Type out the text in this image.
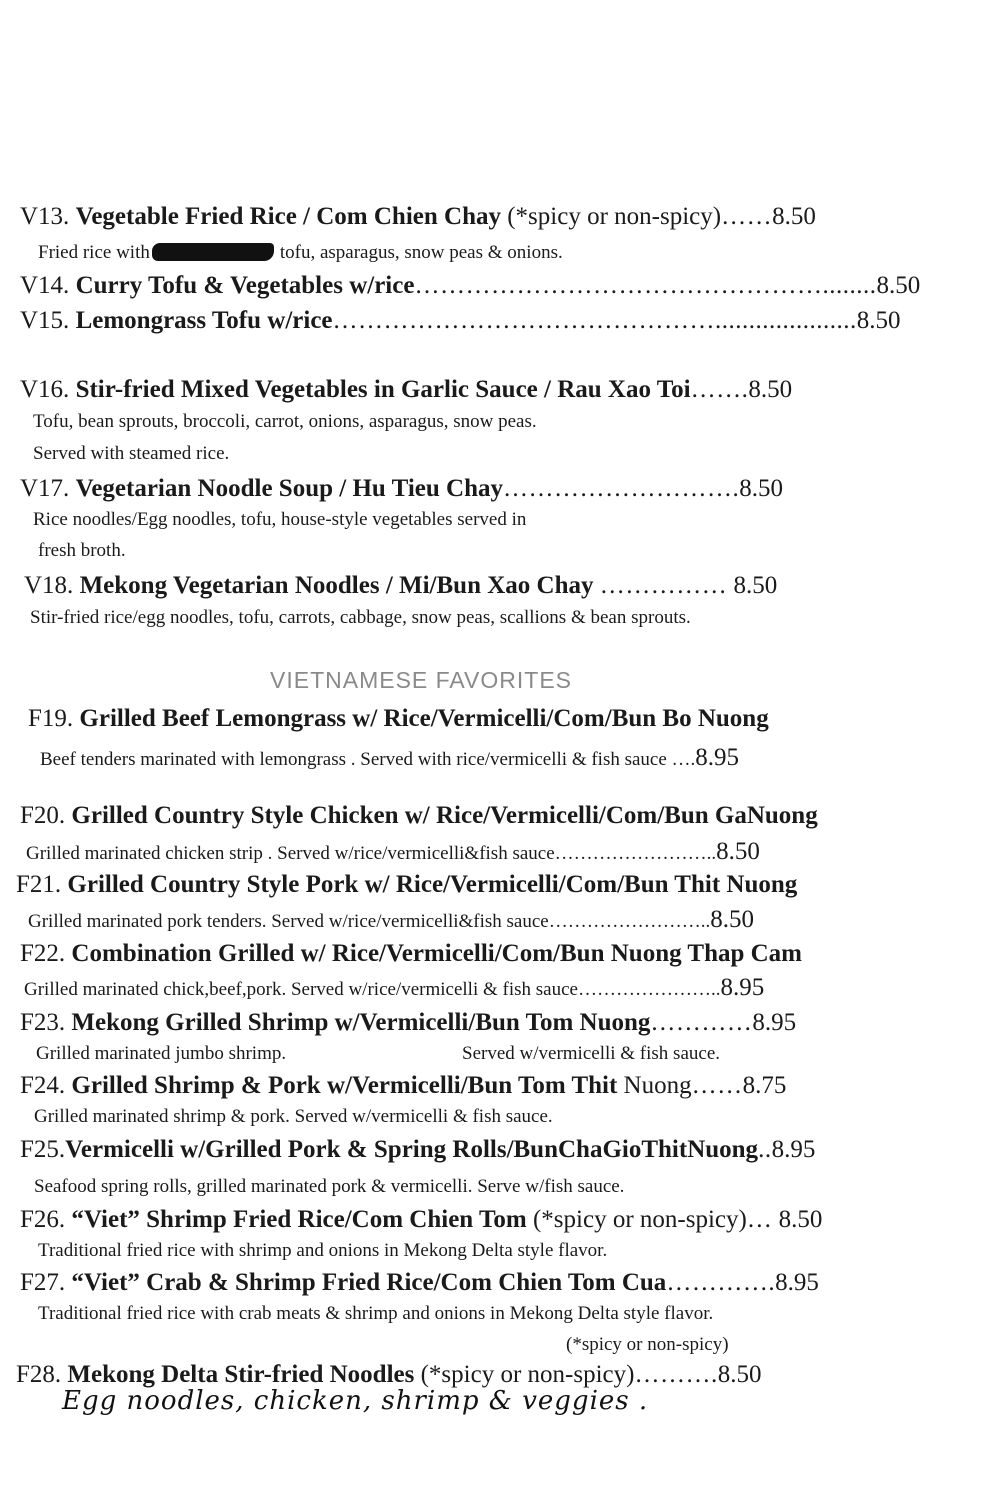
V13. Vegetable Fried Rice / Com Chien Chay (*spicy or non-spicy)……8.50
Fried rice with	tofu, asparagus, snow peas & onions.
V14. Curry Tofu & Vegetables w/rice…………………………………………........8.50
V15. Lemongrass Tofu w/rice……………………………………….....................8.50
V16. Stir-fried Mixed Vegetables in Garlic Sauce / Rau Xao Toi…….8.50
Tofu, bean sprouts, broccoli, carrot, onions, asparagus, snow peas.
Served with steamed rice.
V17. Vegetarian Noodle Soup / Hu Tieu Chay……………………….8.50
Rice noodles/Egg noodles, tofu, house-style vegetables served in
fresh broth.
V18. Mekong Vegetarian Noodles / Mi/Bun Xao Chay …………… 8.50
Stir-fried rice/egg noodles, tofu, carrots, cabbage, snow peas, scallions & bean sprouts.
VIETNAMESE FAVORITES
F19. Grilled Beef Lemongrass w/ Rice/Vermicelli/Com/Bun Bo Nuong
Beef tenders marinated with lemongrass . Served with rice/vermicelli & fish sauce ….8.95
F20. Grilled Country Style Chicken w/ Rice/Vermicelli/Com/Bun GaNuong
Grilled marinated chicken strip . Served w/rice/vermicelli&fish sauce……………………..8.50
F21. Grilled Country Style Pork w/ Rice/Vermicelli/Com/Bun Thit Nuong
Grilled marinated pork tenders. Served w/rice/vermicelli&fish sauce……………………..8.50
F22. Combination Grilled w/ Rice/Vermicelli/Com/Bun Nuong Thap Cam
Grilled marinated chick,beef,pork. Served w/rice/vermicelli & fish sauce…………………..8.95
F23. Mekong Grilled Shrimp w/Vermicelli/Bun Tom Nuong…………8.95
Grilled marinated jumbo shrimp.	Served w/vermicelli & fish sauce.
F24. Grilled Shrimp & Pork w/Vermicelli/Bun Tom Thit Nuong……8.75
Grilled marinated shrimp & pork. Served w/vermicelli & fish sauce.
F25.Vermicelli w/Grilled Pork & Spring Rolls/BunChaGioThitNuong..8.95
Seafood spring rolls, grilled marinated pork & vermicelli. Serve w/fish sauce.
F26. “Viet” Shrimp Fried Rice/Com Chien Tom (*spicy or non-spicy)… 8.50
Traditional fried rice with shrimp and onions in Mekong Delta style flavor.
F27. “Viet” Crab & Shrimp Fried Rice/Com Chien Tom Cua………….8.95
Traditional fried rice with crab meats & shrimp and onions in Mekong Delta style flavor.
(*spicy or non-spicy)
F28. Mekong Delta Stir-fried Noodles (*spicy or non-spicy)……….8.50
Egg noodles, chicken, shrimp & veggies .
